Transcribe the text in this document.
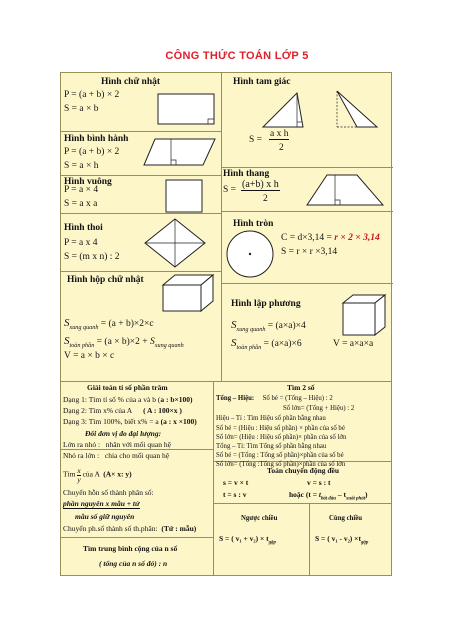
CÔNG THỨC TOÁN LỚP 5
Hình chữ nhật
P = (a + b) × 2
S = a × b
Hình bình hành
P = (a + b) × 2
S = a × h
Hình vuông
P = a × 4
S = a x a
Hình thoi
P = a x 4
S = (m x n) : 2
Hình hộp chữ nhật
$S_{xung quanh} = (a + b)\times 2\times c$
$S_{toàn phần} = (a \times b)\times 2 + S_{xung quanh}$
V = a × b × c
Hình tam giác
S =
a x h
2
Hình thang
S = (a+b) x h
2
Hình tròn
C = d×3,14 = r × 2 × 3,14
S = r × r ×3,14
Hình lập phương
$S_{xung quanh} = (a\times a)\times 4$
$S_{toàn phần} = (a\times a)\times 6$	V = a×a×a
Giải toán tỉ số phần trăm
Dạng 1: Tìm tỉ số % của a và b (a : b×100)
Dạng 2: Tìm x% của A ( A : 100×x )
Dạng 3: Tìm 100%, biết x% = a (a : x ×100)
Đổi đơn vị đo đại lượng:
Lớn ra nhỏ : nhân với mối quan hệ
Nhỏ ra lớn : chia cho mối quan hệ
Tìm $\frac{x}{y}$ của A (A× x: y)
Chuyển hỗn số thành phân số:
phần nguyên x mẫu + tử
mẫu số giữ nguyên
Chuyển ph.số thành số th.phân: (Tử : mẫu)
Tìm trung bình cộng của n số
( tổng của n số đó) : n
Tìm 2 số
Tổng – Hiệu: Số bé = (Tổng – Hiệu) : 2
Số lớn= (Tổng + Hiệu) : 2
Hiệu – Tỉ : Tìm Hiệu số phần bằng nhau
Số bé = (Hiệu : Hiệu số phần) × phần của số bé
Số lớn= (Hiệu : Hiệu số phần)× phần của số lớn
Tổng – Tỉ: Tìm Tổng số phần bằng nhau
Số bé = (Tổng : Tổng số phần)×phần của số bé
Số lớn= (Tổng :Tổng số phần)×phần của số lớn
Toán chuyển động đều
s = v × t	v = s : t
t = s : v	hoặc $(t = t_{bắt đầu} - t_{xuất phát})$
Ngược chiều	Cùng chiều
S = ( $v_1 + v_2) \times t_{gặp}$	S = ( $v_1 - v_2) \times t_{gặp}$
